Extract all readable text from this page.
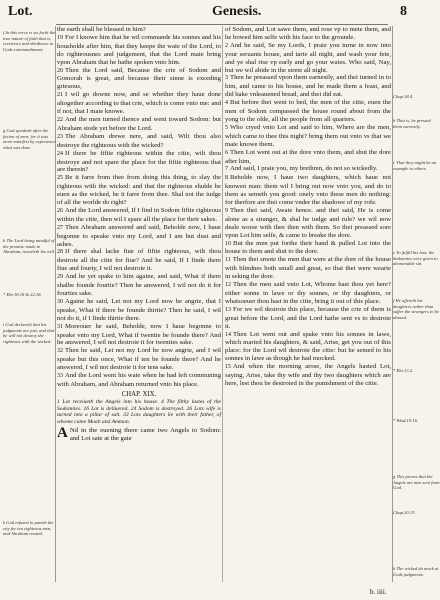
Lot.	Genesis.	8
f In this verse is set forth the true nature of faith that is, reverence and obedience to Gods commandments.
g God speaketh after the facion of men: for it was more manifest by experience what was done.
h The Lord being mindful of the promise made to Abraham, revealeth his will.
* Ebr.18.18 & 22.18.
i God declareth that his judgments are just, and that he will not destroy the righteous with the wicked.
k God refused to punish the city for ten righteous men, and Abraham ceased.
Chap.18.4.
b That is, he pressed them earnestly.
c That they might be an example to others.
e To fulfill his lust: the Sodomites were given to abominable sin.
f He offereth his daughters rather than suffer the strangers to be abused.
* Ebr.13.2.
* Wisd.19.16.
g This proves that the Angels are men sent from God.
Chap.20.13.
h The wicked do mock at Gods judgments.

the earth shall be blessed in him?

19 For I knowe him that he wil commande his sonnes and his housholde after him, that they keepe the waie of the Lord, to do righteousnes and judgement, that the Lord maie bring vpon Abraham that he hathe spoken vnto him.

20 Then the Lord said, Because the crie of Sodom and Gomorah is great, and because their sinne is exceding grieuous,

21 I wil go downe now, and se whether they haue done altogether according to that crie, which is come vnto me: and if not, that I maie knowe.

22 And the men turned thence and went toward Sodom: but Abraham stode yet before the Lord.

23 The Abraham drewe nere, and said, Wilt thou also destroye the righteous with the wicked?

24 If there be fiftie righteous within the citie, wilt thou destroye and not spare the place for the fiftie righteous that are therein?

25 Be it farre from thee from doing this thing, to slay the righteous with the wicked: and that the righteous shulde be euen as the wicked, be it farre from thee. Shal not the iudge of all the worlde do right?

26 And the Lord answered, If I find in Sodom fiftie righteous within the citie, then wil I spare all the place for their sakes.

27 Then Abraham answered and said, Beholde now, I haue begonne to speake vnto my Lord, and I am but dust and ashes.

28 If there shal lacke fiue of fiftie righteous, wilt thou destroie all the citie for fiue? And he said, If I finde there fiue and fourty, I wil not destroie it.

29 And he yet spake to him againe, and said, What if there shalbe founde fourtie? Then he answered, I wil not do it for fourties sake.

30 Againe he said, Let not my Lord now be angrie, that I speake, What if there be founde thirtie? Then he said, I wil not do it, if I finde thirtie there.

31 Moreouer he said, Beholde, now I haue begonne to speake vnto my Lord, What if twentie be founde there? And he answered, I wil not destroie it for twenties sake.

32 Then he said, Let not my Lord be now angrie, and I wil speake but this once, What if ten be founde there? And he answered, I wil not destroie it for tens sake.

33 And the Lord went his waie when he had left communing with Abraham, and Abraham returned vnto his place.

CHAP. XIX.

1 Lot receiueth the Angels into his house. 4 The filthy lustes of the Sodomites. 16 Lot is deliuered. 24 Sodom is destroyed. 26 Lots wife is turned into a pillar of salt. 33 Lots daughters lie with their father, of whome came Moab and Ammon.

A Nd in the euening there came two Angels to Sodom: and Lot sate at the gate

of Sodom, and Lot sawe them, and rose vp to mete them, and he bowed him selfe with his face to the grounde.

2 And he said, Se my Lords, I praie you turne in now into your seruants house, and tarie all night, and wash your fete, and ye shal rise vp early and go your waies. Who said, Nay, but we wil abide in the strete all night.

3 Then he preassed vpon them earnestly, and thei turned in to him, and came to his house, and he made them a feast, and did bake vnleauened bread, and thei did eat.

4 But before thei went to bed, the men of the citie, euen the men of Sodom compassed the house round about from the yong to the olde, all the people from all quarters.

5 Who cryed vnto Lot and said to him, Where are the men, which came to thee this night? bring them out vnto vs that we maie knowe them.

6 Then Lot went out at the dore vnto them, and shut the dore after him,

7 And said, I praie you, my brethren, do not so wickedly.

8 Beholde now, I haue two daughters, which haue not knowen man: them wil I bring out now vnto you, and do to them as semeth you good: onely vnto these men do nothing: for therfore are thei come vnder the shadowe of my rofe.

9 Then thei said, Awaie hence. and thei said, He is come alone as a stranger, & shal he iudge and rule? we wil now deale worse with thee then with them. So thei preassed sore vpon Lot him selfe, & came to breake the dore.

10 But the men put forthe their hand & pulled Lot into the house to them and shut to the dore.

11 Then thei smote the men that were at the dore of the house with blindnes both small and great, so that thei were wearie in seking the dore.

12 Then the men said vnto Lot, Whome hast thou yet here? either sonne in lawe or thy sonnes, or thy daughters, or whatsoeuer thou hast in the citie, bring it out of this place.

13 For we wil destroie this place, because the crie of them is great before the Lord, and the Lord hathe sent vs to destroie it.

14 Then Lot went out and spake vnto his sonnes in lawe, which maried his daughters, & said, Arise, get you out of this place: for the Lord wil destroie the citie: but he semed to his sonnes in lawe as though he had mocked.

15 And when the morning arose, the Angels hasted Lot, saying, Arise, take thy wife and thy two daughters which are here, lest thou be destroied in the punishment of the citie.

b. iiii.
